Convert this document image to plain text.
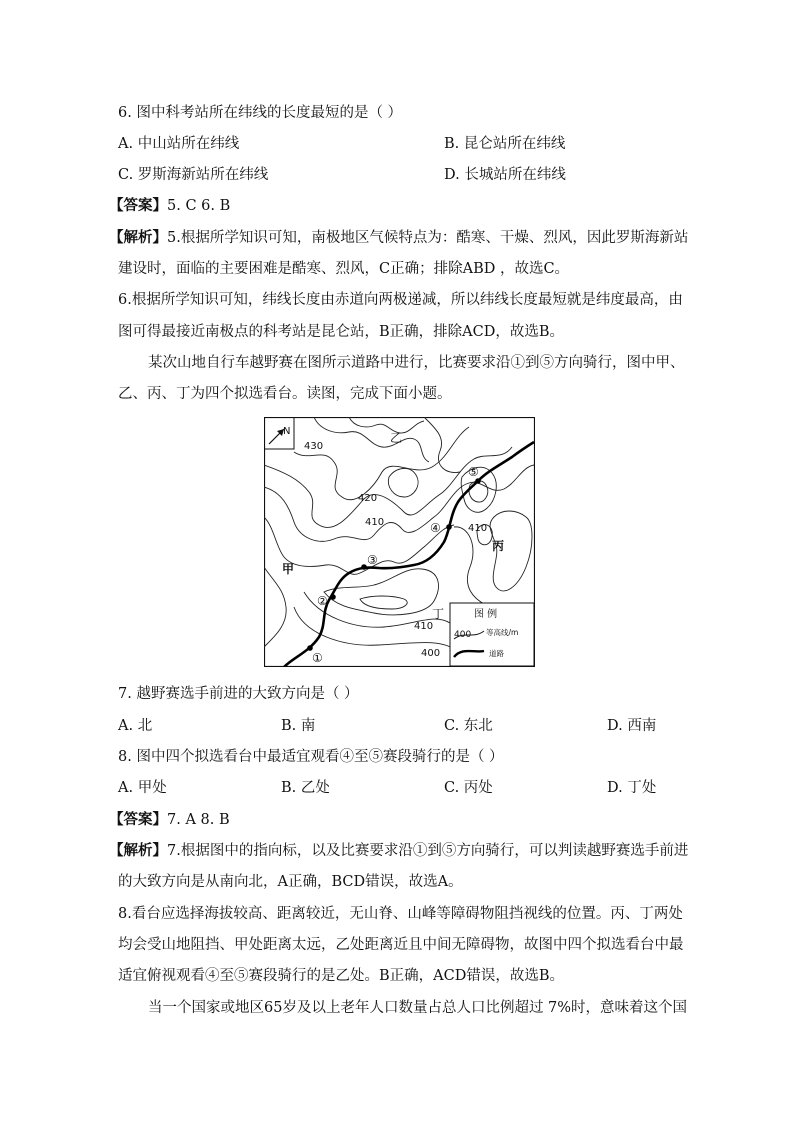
6. 图中科考站所在纬线的长度最短的是（ ）
A. 中山站所在纬线	B. 昆仑站所在纬线
C. 罗斯海新站所在纬线	D. 长城站所在纬线
【答案】5. C 6. B
【解析】5.根据所学知识可知，南极地区气候特点为：酷寒、干燥、烈风，因此罗斯海新站
建设时，面临的主要困难是酷寒、烈风，C正确；排除ABD ，故选C。
6.根据所学知识可知，纬线长度由赤道向两极递减，所以纬线长度最短就是纬度最高，由
图可得最接近南极点的科考站是昆仑站，B正确，排除ACD，故选B。
某次山地自行车越野赛在图所示道路中进行，比赛要求沿①到⑤方向骑行，图中甲、
乙、丙、丁为四个拟选看台。读图，完成下面小题。
N
①
②
③
④
⑤
430
420
410
410
410
400
甲
乙
丙
丁	图 例
400 等高线/m
道路
7. 越野赛选手前进的大致方向是（ ）
A. 北	B. 南	C. 东北	D. 西南
8. 图中四个拟选看台中最适宜观看④至⑤赛段骑行的是（ ）
A. 甲处	B. 乙处	C. 丙处	D. 丁处
【答案】7. A 8. B
【解析】7.根据图中的指向标，以及比赛要求沿①到⑤方向骑行，可以判读越野赛选手前进
的大致方向是从南向北，A正确，BCD错误，故选A。
8.看台应选择海拔较高、距离较近，无山脊、山峰等障碍物阻挡视线的位置。丙、丁两处
均会受山地阻挡、甲处距离太远，乙处距离近且中间无障碍物，故图中四个拟选看台中最
适宜俯视观看④至⑤赛段骑行的是乙处。B正确，ACD错误，故选B。
当一个国家或地区65岁及以上老年人口数量占总人口比例超过 7%时，意味着这个国
